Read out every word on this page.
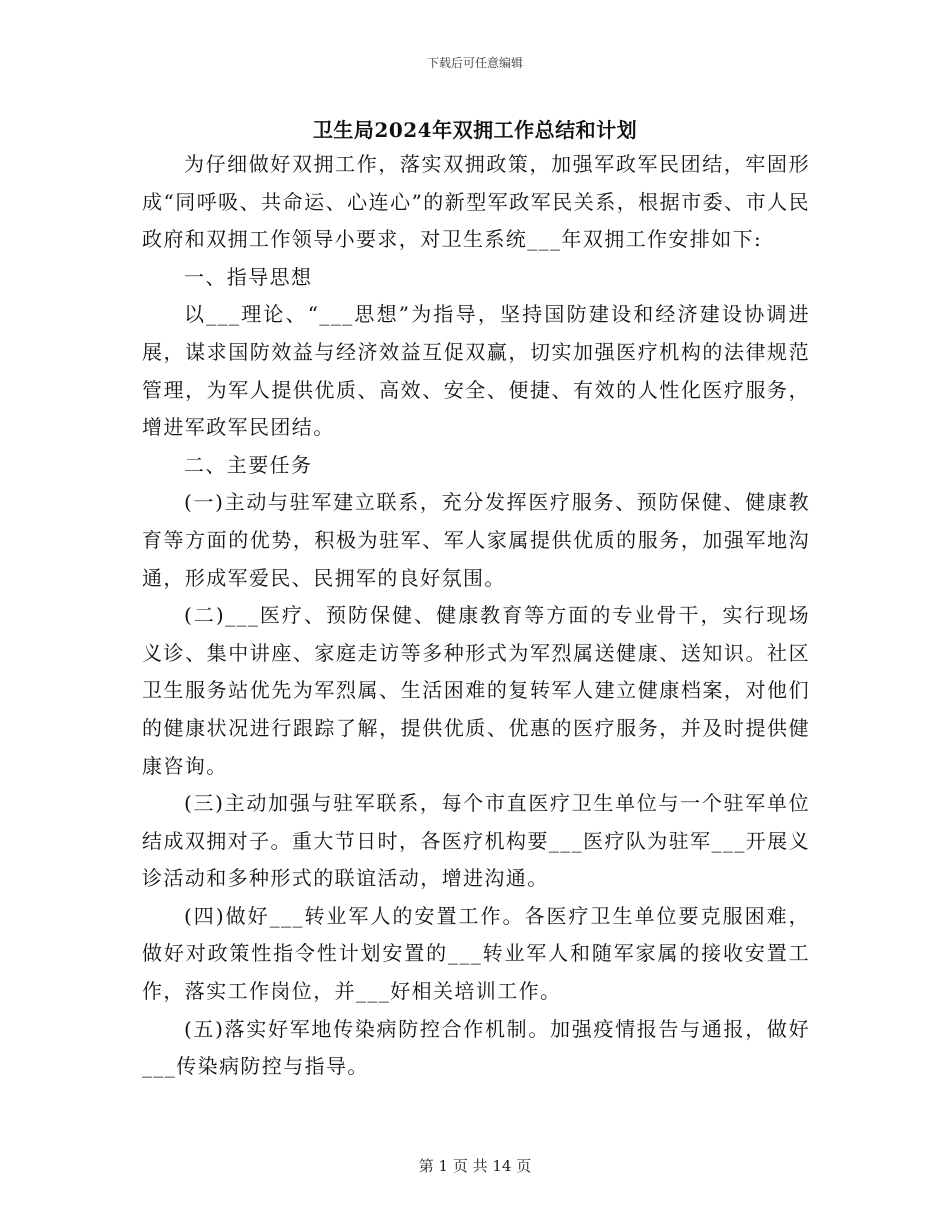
下载后可任意编辑
卫生局2024年双拥工作总结和计划

为仔细做好双拥工作，落实双拥政策，加强军政军民团结，牢固形成“同呼吸、共命运、心连心”的新型军政军民关系，根据市委、市人民政府和双拥工作领导小要求，对卫生系统___年双拥工作安排如下:

一、指导思想

以___理论、“___思想”为指导，坚持国防建设和经济建设协调进展，谋求国防效益与经济效益互促双赢，切实加强医疗机构的法律规范管理，为军人提供优质、高效、安全、便捷、有效的人性化医疗服务，增进军政军民团结。

二、主要任务

(一)主动与驻军建立联系，充分发挥医疗服务、预防保健、健康教育等方面的优势，积极为驻军、军人家属提供优质的服务，加强军地沟通，形成军爱民、民拥军的良好氛围。

(二)___医疗、预防保健、健康教育等方面的专业骨干，实行现场义诊、集中讲座、家庭走访等多种形式为军烈属送健康、送知识。社区卫生服务站优先为军烈属、生活困难的复转军人建立健康档案，对他们的健康状况进行跟踪了解，提供优质、优惠的医疗服务，并及时提供健康咨询。

(三)主动加强与驻军联系，每个市直医疗卫生单位与一个驻军单位结成双拥对子。重大节日时，各医疗机构要___医疗队为驻军___开展义诊活动和多种形式的联谊活动，增进沟通。

(四)做好___转业军人的安置工作。各医疗卫生单位要克服困难，做好对政策性指令性计划安置的___转业军人和随军家属的接收安置工作，落实工作岗位，并___好相关培训工作。

(五)落实好军地传染病防控合作机制。加强疫情报告与通报，做好___传染病防控与指导。

第 1 页 共 14 页
